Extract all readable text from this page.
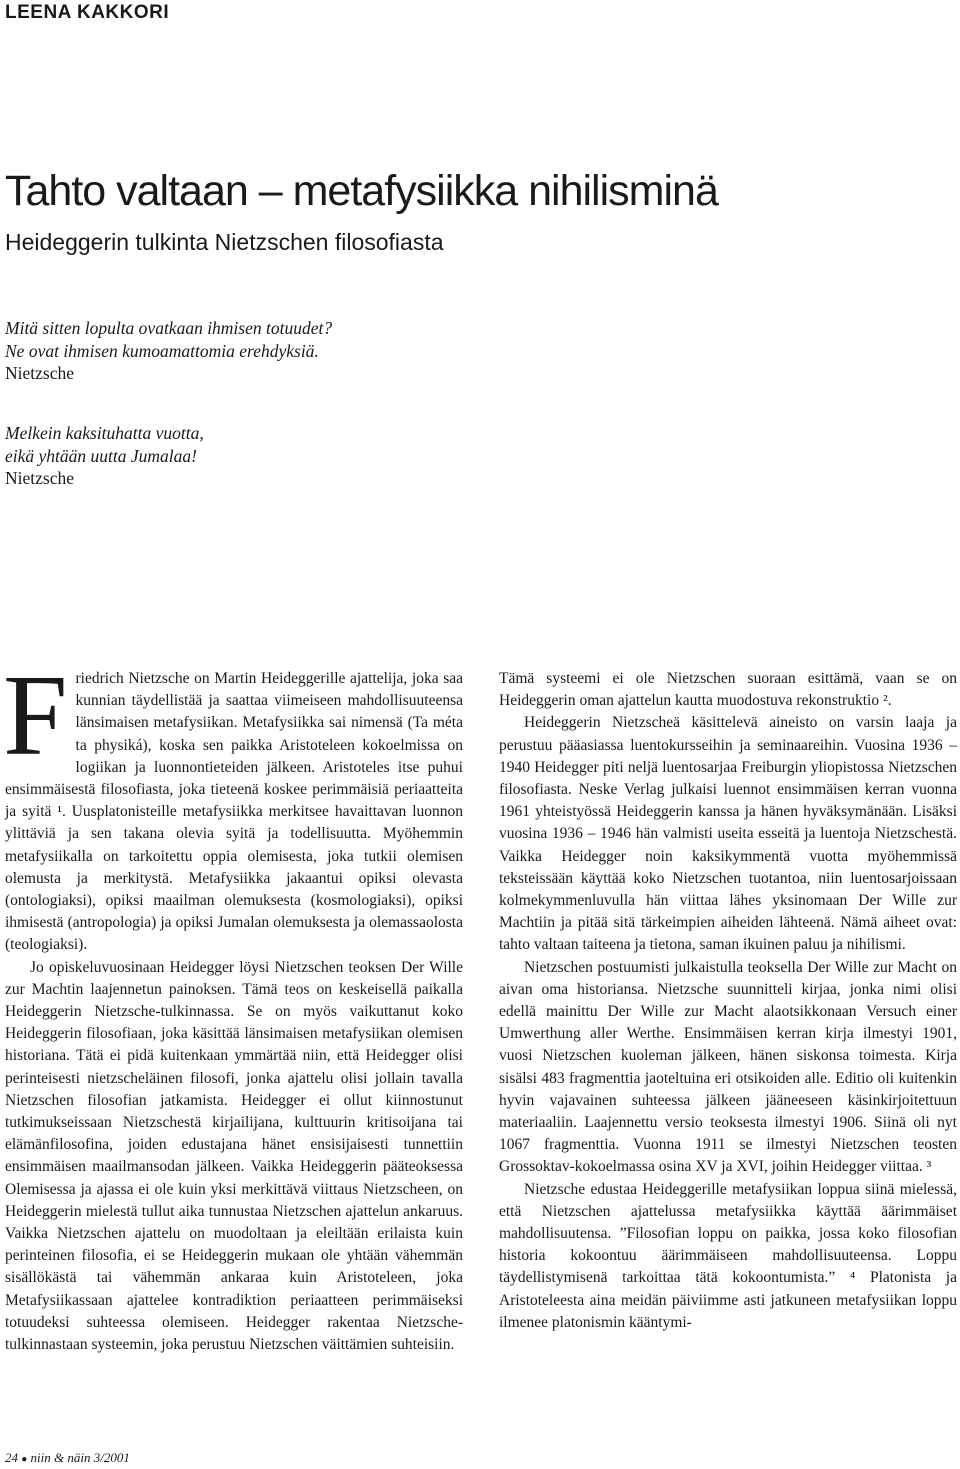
LEENA KAKKORI
Tahto valtaan – metafysiikka nihilisminä
Heideggerin tulkinta Nietzschen filosofiasta
Mitä sitten lopulta ovatkaan ihmisen totuudet?
Ne ovat ihmisen kumoamattomia erehdyksiä.
Nietzsche
Melkein kaksituhatta vuotta,
eikä yhtään uutta Jumalaa!
Nietzsche
F riedrich Nietzsche on Martin Heideggerille ajattelija, joka saa kunnian täydellistää ja saattaa viimeiseen mahdollisuuteensa länsimaisen metafysiikan. Metafysiikka sai nimensä (Ta méta ta physiká), koska sen paikka Aristoteleen kokoelmissa on logiikan ja luonnontieteiden jälkeen. Aristoteles itse puhui ensimmäisestä filosofiasta, joka tieteenä koskee perimmäisiä periaatteita ja syitä ¹. Uusplatonisteille metafysiikka merkitsee havaittavan luonnon ylittäviä ja sen takana olevia syitä ja todellisuutta. Myöhemmin metafysiikalla on tarkoitettu oppia olemisesta, joka tutkii olemisen olemusta ja merkitystä. Metafysiikka jakaantui opiksi olevasta (ontologiaksi), opiksi maailman olemuksesta (kosmologiaksi), opiksi ihmisestä (antropologia) ja opiksi Jumalan olemuksesta ja olemassaolosta (teologiaksi).

Jo opiskeluvuosinaan Heidegger löysi Nietzschen teoksen Der Wille zur Machtin laajennetun painoksen. Tämä teos on keskeisellä paikalla Heideggerin Nietzsche-tulkinnassa. Se on myös vaikuttanut koko Heideggerin filosofiaan, joka käsittää länsimaisen metafysiikan olemisen historiana. Tätä ei pidä kuitenkaan ymmärtää niin, että Heidegger olisi perinteisesti nietzscheläinen filosofi, jonka ajattelu olisi jollain tavalla Nietzschen filosofian jatkamista. Heidegger ei ollut kiinnostunut tutkimukseissaan Nietzschestä kirjailijana, kulttuurin kritisoijana tai elämänfilosofina, joiden edustajana hänet ensisijaisesti tunnettiin ensimmäisen maailmansodan jälkeen. Vaikka Heideggerin pääteoksessa Olemisessa ja ajassa ei ole kuin yksi merkittävä viittaus Nietzscheen, on Heideggerin mielestä tullut aika tunnustaa Nietzschen ajattelun ankaruus. Vaikka Nietzschen ajattelu on muodoltaan ja eleiltään erilaista kuin perinteinen filosofia, ei se Heideggerin mukaan ole yhtään vähemmän sisällökästä tai vähemmän ankaraa kuin Aristoteleen, joka Metafysiikassaan ajattelee kontradiktion periaatteen perimmäiseksi totuudeksi suhteessa olemiseen. Heidegger rakentaa Nietzsche-tulkinnastaan systeemin, joka perustuu Nietzschen väittämien suhteisiin.

Tämä systeemi ei ole Nietzschen suoraan esittämä, vaan se on Heideggerin oman ajattelun kautta muodostuva rekonstruktio ².

Heideggerin Nietzscheä käsittelevä aineisto on varsin laaja ja perustuu pääasiassa luentokursseihin ja seminaareihin. Vuosina 1936 – 1940 Heidegger piti neljä luentosarjaa Freiburgin yliopistossa Nietzschen filosofiasta. Neske Verlag julkaisi luennot ensimmäisen kerran vuonna 1961 yhteistyössä Heideggerin kanssa ja hänen hyväksymänään. Lisäksi vuosina 1936 – 1946 hän valmisti useita esseitä ja luentoja Nietzschestä. Vaikka Heidegger noin kaksikymmentä vuotta myöhemmissä teksteissään käyttää koko Nietzschen tuotantoa, niin luentosarjoissaan kolmekymmenluvulla hän viittaa lähes yksinomaan Der Wille zur Machtiin ja pitää sitä tärkeimpien aiheiden lähteenä. Nämä aiheet ovat: tahto valtaan taiteena ja tietona, saman ikuinen paluu ja nihilismi.

Nietzschen postuumisti julkaistulla teoksella Der Wille zur Macht on aivan oma historiansa. Nietzsche suunnitteli kirjaa, jonka nimi olisi edellä mainittu Der Wille zur Macht alaotsikkonaan Versuch einer Umwerthung aller Werthe. Ensimmäisen kerran kirja ilmestyi 1901, vuosi Nietzschen kuoleman jälkeen, hänen siskonsa toimesta. Kirja sisälsi 483 fragmenttia jaoteltuina eri otsikoiden alle. Editio oli kuitenkin hyvin vajavainen suhteessa jälkeen jääneeseen käsinkirjoitettuun materiaaliin. Laajennettu versio teoksesta ilmestyi 1906. Siinä oli nyt 1067 fragmenttia. Vuonna 1911 se ilmestyi Nietzschen teosten Grossoktav-kokoelmassa osina XV ja XVI, joihin Heidegger viittaa. ³

Nietzsche edustaa Heideggerille metafysiikan loppua siinä mielessä, että Nietzschen ajattelussa metafysiikka käyttää äärimmäiset mahdollisuutensa. ”Filosofian loppu on paikka, jossa koko filosofian historia kokoontuu äärimmäiseen mahdollisuuteensa. Loppu täydellistymisenä tarkoittaa tätä kokoontumista.” ⁴ Platonista ja Aristoteleesta aina meidän päiviimme asti jatkuneen metafysiikan loppu ilmenee platonismin kääntymi-

24 ● niin & näin 3/2001
